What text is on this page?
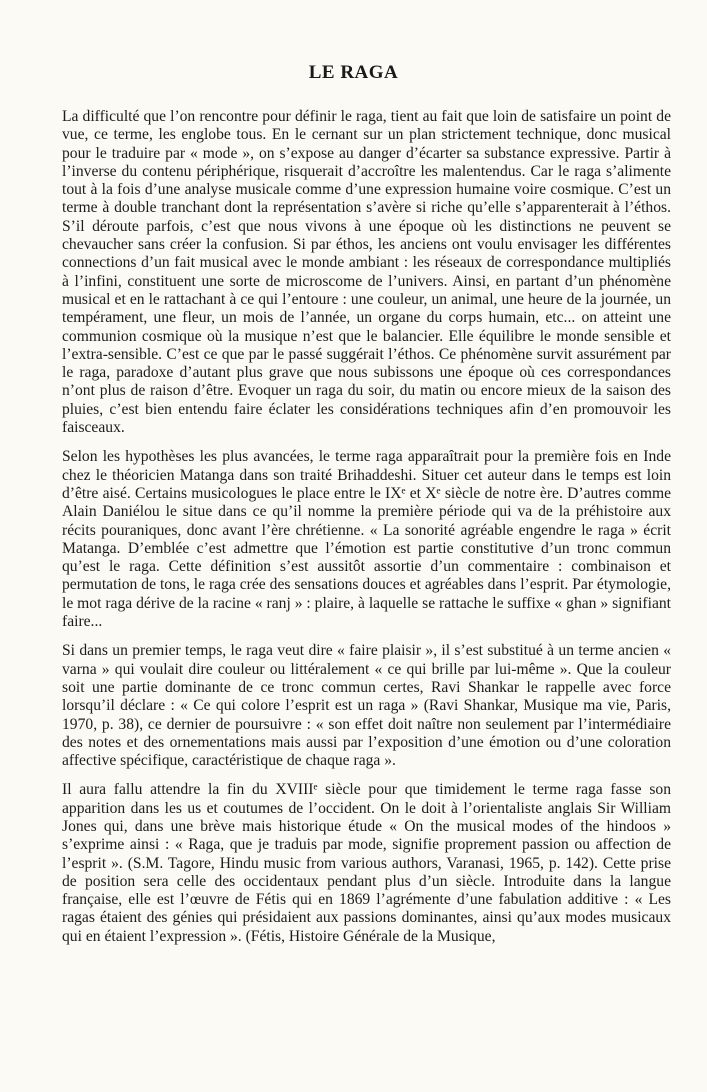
LE RAGA

La difficulté que l’on rencontre pour définir le raga, tient au fait que loin de satisfaire un point de vue, ce terme, les englobe tous. En le cernant sur un plan strictement technique, donc musical pour le traduire par « mode », on s’expose au danger d’écarter sa substance expressive. Partir à l’inverse du contenu périphérique, risquerait d’accroître les malentendus. Car le raga s’alimente tout à la fois d’une analyse musicale comme d’une expression humaine voire cosmique. C’est un terme à double tranchant dont la représentation s’avère si riche qu’elle s’apparenterait à l’éthos. S’il déroute parfois, c’est que nous vivons à une époque où les distinctions ne peuvent se chevaucher sans créer la confusion. Si par éthos, les anciens ont voulu envisager les différentes connections d’un fait musical avec le monde ambiant : les réseaux de correspondance multipliés à l’infini, constituent une sorte de microscome de l’univers. Ainsi, en partant d’un phénomène musical et en le rattachant à ce qui l’entoure : une couleur, un animal, une heure de la journée, un tempérament, une fleur, un mois de l’année, un organe du corps humain, etc... on atteint une communion cosmique où la musique n’est que le balancier. Elle équilibre le monde sensible et l’extra-sensible. C’est ce que par le passé suggérait l’éthos. Ce phénomène survit assurément par le raga, paradoxe d’autant plus grave que nous subissons une époque où ces correspondances n’ont plus de raison d’être. Evoquer un raga du soir, du matin ou encore mieux de la saison des pluies, c’est bien entendu faire éclater les considérations techniques afin d’en promouvoir les faisceaux.

Selon les hypothèses les plus avancées, le terme raga apparaîtrait pour la première fois en Inde chez le théoricien Matanga dans son traité Brihaddeshi. Situer cet auteur dans le temps est loin d’être aisé. Certains musicologues le place entre le IXᵉ et Xᵉ siècle de notre ère. D’autres comme Alain Daniélou le situe dans ce qu’il nomme la première période qui va de la préhistoire aux récits pouraniques, donc avant l’ère chrétienne. « La sonorité agréable engendre le raga » écrit Matanga. D’emblée c’est admettre que l’émotion est partie constitutive d’un tronc commun qu’est le raga. Cette définition s’est aussitôt assortie d’un commentaire : combinaison et permutation de tons, le raga crée des sensations douces et agréables dans l’esprit. Par étymologie, le mot raga dérive de la racine « ranj » : plaire, à laquelle se rattache le suffixe « ghan » signifiant faire...

Si dans un premier temps, le raga veut dire « faire plaisir », il s’est substitué à un terme ancien « varna » qui voulait dire couleur ou littéralement « ce qui brille par lui-même ». Que la couleur soit une partie dominante de ce tronc commun certes, Ravi Shankar le rappelle avec force lorsqu’il déclare : « Ce qui colore l’esprit est un raga » (Ravi Shankar, Musique ma vie, Paris, 1970, p. 38), ce dernier de poursuivre : « son effet doit naître non seulement par l’intermédiaire des notes et des ornementations mais aussi par l’exposition d’une émotion ou d’une coloration affective spécifique, caractéristique de chaque raga ».

Il aura fallu attendre la fin du XVIIIᵉ siècle pour que timidement le terme raga fasse son apparition dans les us et coutumes de l’occident. On le doit à l’orientaliste anglais Sir William Jones qui, dans une brève mais historique étude « On the musical modes of the hindoos » s’exprime ainsi : « Raga, que je traduis par mode, signifie proprement passion ou affection de l’esprit ». (S.M. Tagore, Hindu music from various authors, Varanasi, 1965, p. 142). Cette prise de position sera celle des occidentaux pendant plus d’un siècle. Introduite dans la langue française, elle est l’œuvre de Fétis qui en 1869 l’agrémente d’une fabulation additive : « Les ragas étaient des génies qui présidaient aux passions dominantes, ainsi qu’aux modes musicaux qui en étaient l’expression ». (Fétis, Histoire Générale de la Musique,
